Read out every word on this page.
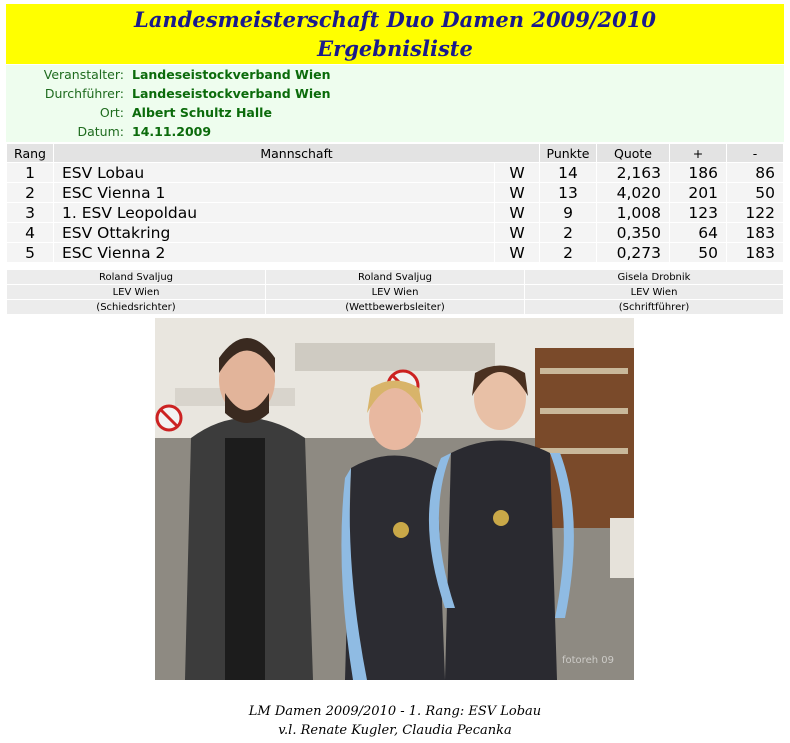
Landesmeisterschaft Duo Damen 2009/2010
Ergebnisliste
Veranstalter: Landeseistockverband Wien
Durchführer: Landeseistockverband Wien
Ort: Albert Schultz Halle
Datum: 14.11.2009
Rang	Mannschaft		Punkte	Quote	+	-
1	ESV Lobau	W	14	2,163	186	86
2	ESC Vienna 1	W	13	4,020	201	50
3	1. ESV Leopoldau	W	9	1,008	123	122
4	ESV Ottakring	W	2	0,350	64	183
5	ESC Vienna 2	W	2	0,273	50	183
Roland Svaljug	Roland Svaljug	Gisela Drobnik
LEV Wien	LEV Wien	LEV Wien
(Schiedsrichter)	(Wettbewerbsleiter)	(Schriftführer)
fotoreh 09
LM Damen 2009/2010 - 1. Rang: ESV Lobau
v.l. Renate Kugler, Claudia Pecanka
